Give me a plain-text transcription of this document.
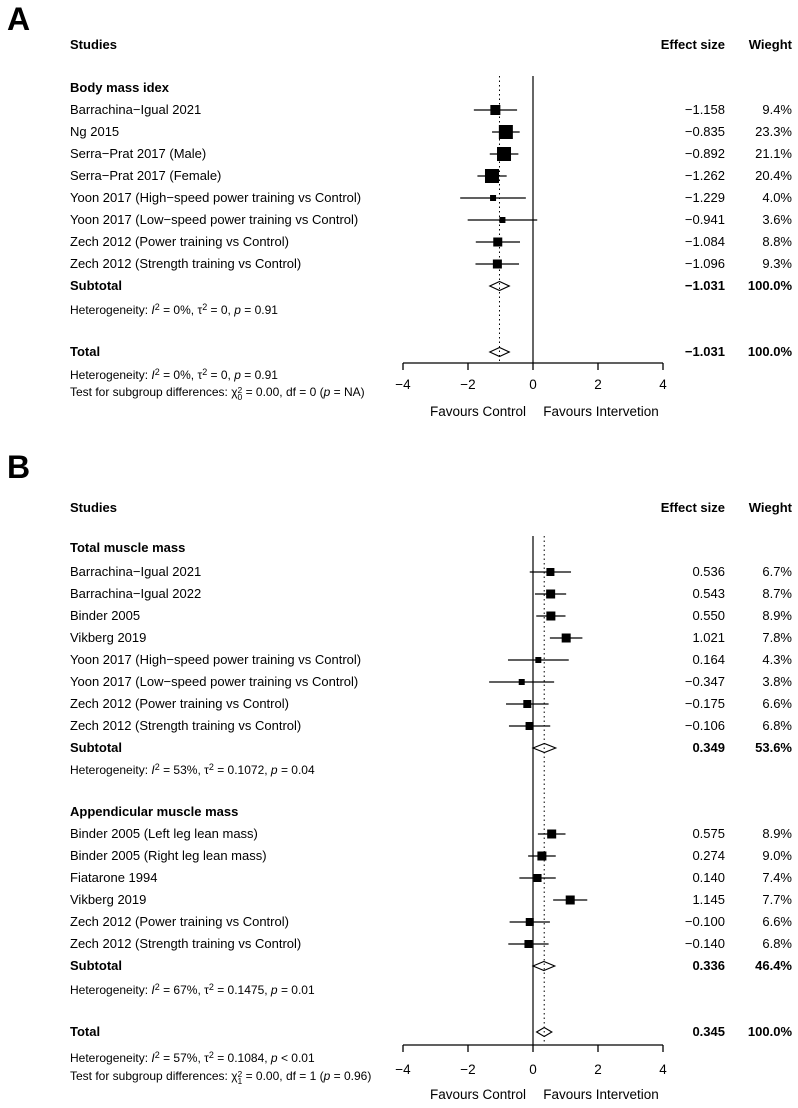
A
Studies	Effect size Wieght
Body mass idex
Barrachina−Igual 2021	−1.158	9.4%
Ng 2015	−0.835 23.3%
Serra−Prat 2017 (Male)	−0.892 21.1%
Serra−Prat 2017 (Female)	−1.262 20.4%
Yoon 2017 (High−speed power training vs Control)	−1.229	4.0%
Yoon 2017 (Low−speed power training vs Control)	−0.941	3.6%
Zech 2012 (Power training vs Control)	−1.084	8.8%
Zech 2012 (Strength training vs Control)	−1.096	9.3%
Subtotal	−1.031 100.0%
Heterogeneity: $I^2 = 0\%$, $\tau^2 = 0$, p = 0.91
Total	−1.031 100.0%
Heterogeneity: $I^2 = 0\%$, $\tau^2 = 0$, p = 0.91
Test for subgroup differences: χ 2
0 = 0.00, df = 0 (p = NA)
B
Studies	Effect size Wieght
Total muscle mass
Barrachina−Igual 2021	0.536	6.7%
Barrachina−Igual 2022	0.543	8.7%
Binder 2005	0.550	8.9%
Vikberg 2019	1.021	7.8%
Yoon 2017 (High−speed power training vs Control)	0.164	4.3%
Yoon 2017 (Low−speed power training vs Control)	−0.347	3.8%
Zech 2012 (Power training vs Control)	−0.175	6.6%
Zech 2012 (Strength training vs Control)	−0.106	6.8%
Subtotal	0.349 53.6%
Heterogeneity: $I^2 = 53\%$, $\tau^2 = 0.1072$, p = 0.04
Appendicular muscle mass
Binder 2005 (Left leg lean mass)	0.575	8.9%
Binder 2005 (Right leg lean mass)	0.274	9.0%
Fiatarone 1994	0.140	7.4%
Vikberg 2019	1.145	7.7%
Zech 2012 (Power training vs Control)	−0.100	6.6%
Zech 2012 (Strength training vs Control)	−0.140	6.8%
Subtotal	0.336 46.4%
Heterogeneity: $I^2 = 67\%$, $\tau^2 = 0.1475$, p = 0.01
Total	0.345 100.0%
Heterogeneity: $I^2 = 57\%$, $\tau^2 = 0.1084$, p < 0.01
Test for subgroup differences: χ 2
1 = 0.00, df = 1 (p = 0.96)
−4	−2	0	2	4
Favours Control Favours Intervetion
−4	−2	0	2	4
Favours Control Favours Intervetion
